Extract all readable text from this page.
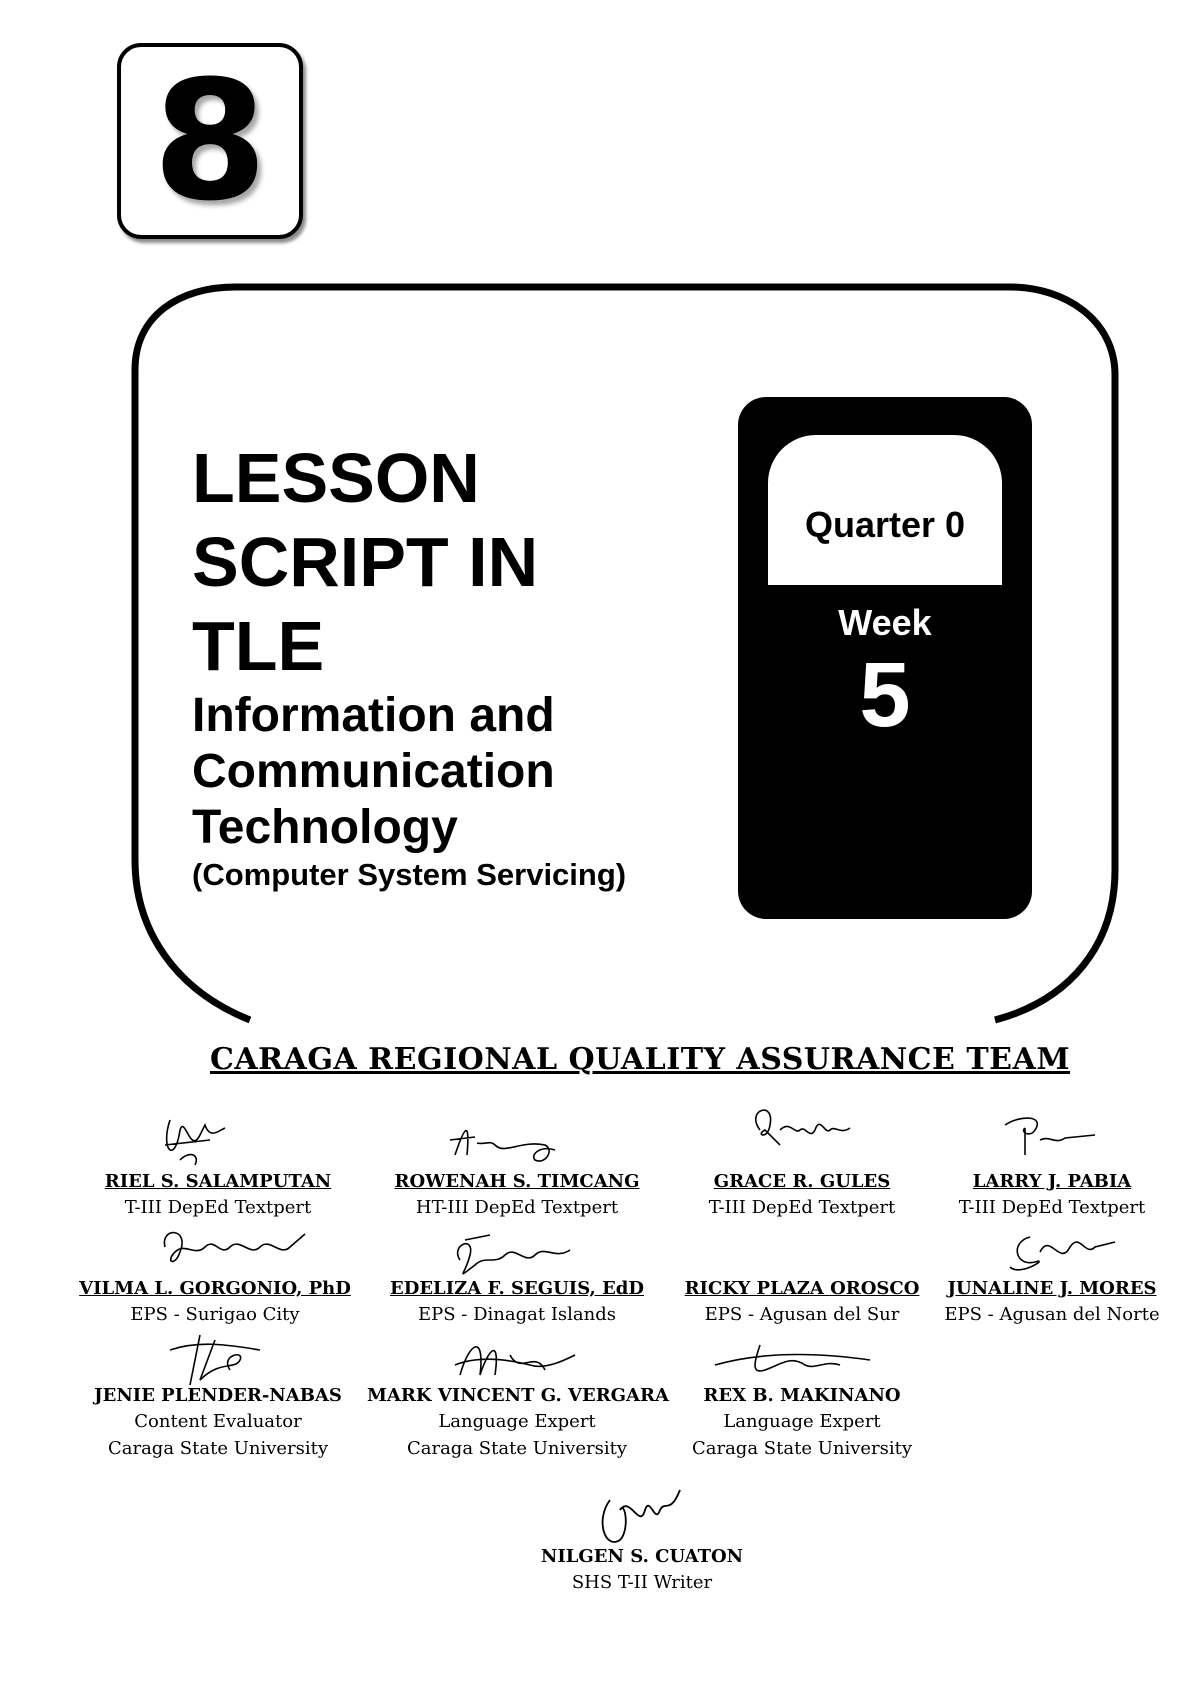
8

LESSON

SCRIPT IN

TLE

Information and

Communication

Technology

(Computer System Servicing)

Quarter 0
Week
5
CARAGA REGIONAL QUALITY ASSURANCE TEAM
RIEL S. SALAMPUTAN
T-III DepEd Textpert
ROWENAH S. TIMCANG
HT-III DepEd Textpert
GRACE R. GULES
T-III DepEd Textpert
LARRY J. PABIA
T-III DepEd Textpert
VILMA L. GORGONIO, PhD
EPS - Surigao City
EDELIZA F. SEGUIS, EdD
EPS - Dinagat Islands
RICKY PLAZA OROSCO
EPS - Agusan del Sur
JUNALINE J. MORES
EPS - Agusan del Norte
JENIE PLENDER-NABAS
Content Evaluator
Caraga State University
MARK VINCENT G. VERGARA
Language Expert
Caraga State University
REX B. MAKINANO
Language Expert
Caraga State University
NILGEN S. CUATON
SHS T-II Writer
